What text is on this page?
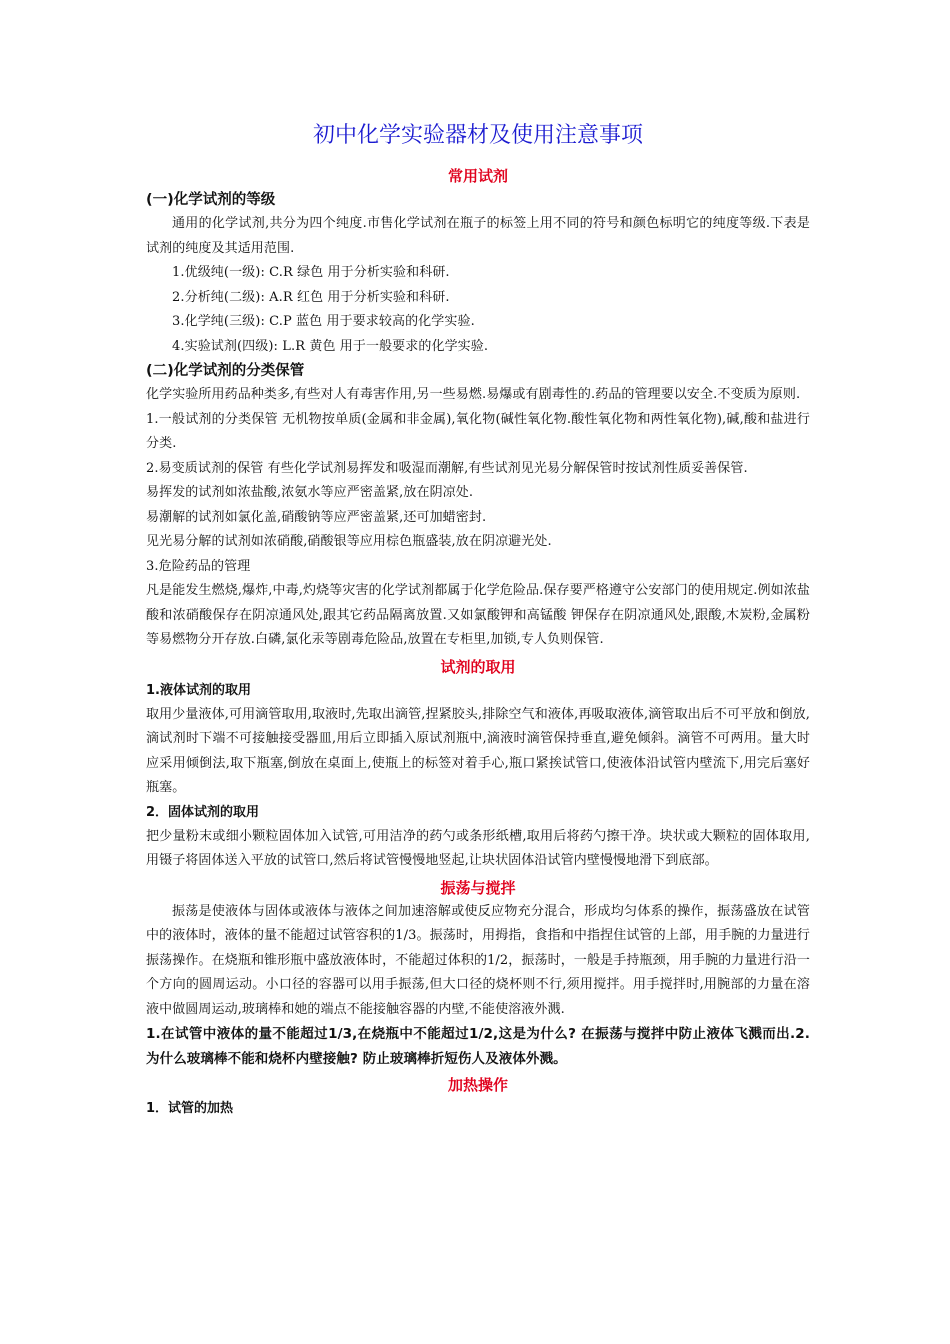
初中化学实验器材及使用注意事项
常用试剂
(一)化学试剂的等级

通用的化学试剂,共分为四个纯度.市售化学试剂在瓶子的标签上用不同的符号和颜色标明它的纯度等级.下表是试剂的纯度及其适用范围.

1.优级纯(一级): C.R 绿色 用于分析实验和科研.

2.分析纯(二级): A.R 红色 用于分析实验和科研.

3.化学纯(三级): C.P 蓝色 用于要求较高的化学实验.

4.实验试剂(四级): L.R 黄色 用于一般要求的化学实验.

(二)化学试剂的分类保管

化学实验所用药品种类多,有些对人有毒害作用,另一些易燃.易爆或有剧毒性的.药品的管理要以安全.不变质为原则.

1.一般试剂的分类保管 无机物按单质(金属和非金属),氧化物(碱性氧化物.酸性氧化物和两性氧化物),碱,酸和盐进行分类.

2.易变质试剂的保管 有些化学试剂易挥发和吸湿而潮解,有些试剂见光易分解保管时按试剂性质妥善保管.

易挥发的试剂如浓盐酸,浓氨水等应严密盖紧,放在阴凉处.

易潮解的试剂如氯化盖,硝酸钠等应严密盖紧,还可加蜡密封.

见光易分解的试剂如浓硝酸,硝酸银等应用棕色瓶盛装,放在阴凉避光处.

3.危险药品的管理

凡是能发生燃烧,爆炸,中毒,灼烧等灾害的化学试剂都属于化学危险品.保存要严格遵守公安部门的使用规定.例如浓盐酸和浓硝酸保存在阴凉通风处,跟其它药品隔离放置.又如氯酸钾和高锰酸 钾保存在阴凉通风处,跟酸,木炭粉,金属粉等易燃物分开存放.白磷,氯化汞等剧毒危险品,放置在专柜里,加锁,专人负则保管.

试剂的取用
1.液体试剂的取用

取用少量液体,可用滴管取用,取液时,先取出滴管,捏紧胶头,排除空气和液体,再吸取液体,滴管取出后不可平放和倒放,滴试剂时下端不可接触接受器皿,用后立即插入原试剂瓶中,滴液时滴管保持垂直,避免倾斜。滴管不可两用。量大时应采用倾倒法,取下瓶塞,倒放在桌面上,使瓶上的标签对着手心,瓶口紧挨试管口,使液体沿试管内壁流下,用完后塞好瓶塞。

2．固体试剂的取用

把少量粉末或细小颗粒固体加入试管,可用洁净的药勺或条形纸槽,取用后将药勺擦干净。块状或大颗粒的固体取用,用镊子将固体送入平放的试管口,然后将试管慢慢地竖起,让块状固体沿试管内壁慢慢地滑下到底部。

振荡与搅拌

振荡是使液体与固体或液体与液体之间加速溶解或使反应物充分混合，形成均匀体系的操作，振荡盛放在试管中的液体时，液体的量不能超过试管容积的1/3。振荡时，用拇指，食指和中指捏住试管的上部，用手腕的力量进行振荡操作。在烧瓶和锥形瓶中盛放液体时，不能超过体积的1/2，振荡时，一般是手持瓶颈，用手腕的力量进行沿一个方向的圆周运动。小口径的容器可以用手振荡,但大口径的烧杯则不行,须用搅拌。用手搅拌时,用腕部的力量在溶液中做圆周运动,玻璃棒和她的端点不能接触容器的内壁,不能使溶液外溅.

1.在试管中液体的量不能超过1/3,在烧瓶中不能超过1/2,这是为什么? 在振荡与搅拌中防止液体飞溅而出.2. 为什么玻璃棒不能和烧杯内壁接触? 防止玻璃棒折短伤人及液体外溅。

加热操作
1．试管的加热
